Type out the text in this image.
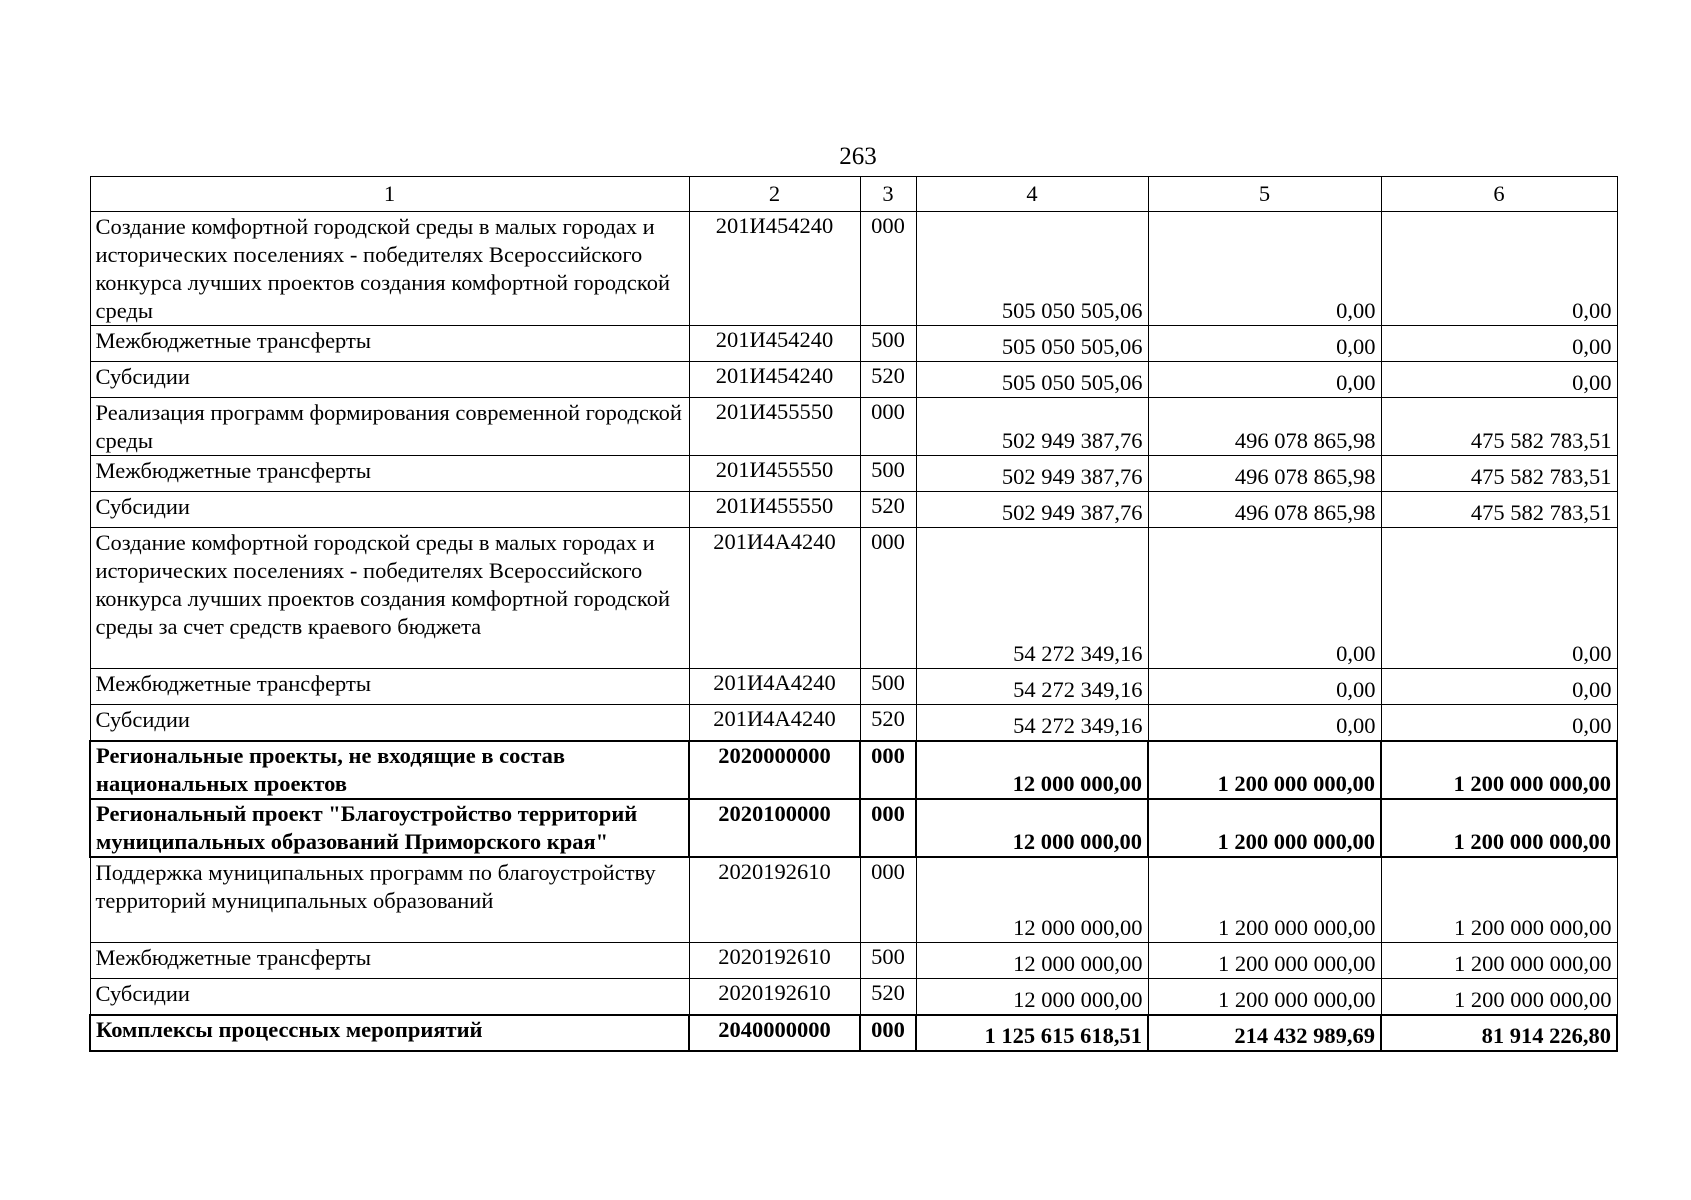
263
1	2	3	4	5	6
Создание комфортной городской среды в малых городах и исторических поселениях - победителях Всероссийского конкурса лучших проектов создания комфортной городской среды	201И454240	000	505 050 505,06	0,00	0,00
Межбюджетные трансферты	201И454240	500	505 050 505,06	0,00	0,00
Субсидии	201И454240	520	505 050 505,06	0,00	0,00
Реализация программ формирования современной городской среды	201И455550	000	502 949 387,76	496 078 865,98	475 582 783,51
Межбюджетные трансферты	201И455550	500	502 949 387,76	496 078 865,98	475 582 783,51
Субсидии	201И455550	520	502 949 387,76	496 078 865,98	475 582 783,51
Создание комфортной городской среды в малых городах и исторических поселениях - победителях Всероссийского конкурса лучших проектов создания комфортной городской среды за счет средств краевого бюджета	201И4А4240	000	54 272 349,16	0,00	0,00
Межбюджетные трансферты	201И4А4240	500	54 272 349,16	0,00	0,00
Субсидии	201И4А4240	520	54 272 349,16	0,00	0,00
Региональные проекты, не входящие в состав национальных проектов	2020000000	000	12 000 000,00	1 200 000 000,00	1 200 000 000,00
Региональный проект "Благоустройство территорий муниципальных образований Приморского края"	2020100000	000	12 000 000,00	1 200 000 000,00	1 200 000 000,00
Поддержка муниципальных программ по благоустройству территорий муниципальных образований	2020192610	000	12 000 000,00	1 200 000 000,00	1 200 000 000,00
Межбюджетные трансферты	2020192610	500	12 000 000,00	1 200 000 000,00	1 200 000 000,00
Субсидии	2020192610	520	12 000 000,00	1 200 000 000,00	1 200 000 000,00
Комплексы процессных мероприятий	2040000000	000	1 125 615 618,51	214 432 989,69	81 914 226,80
